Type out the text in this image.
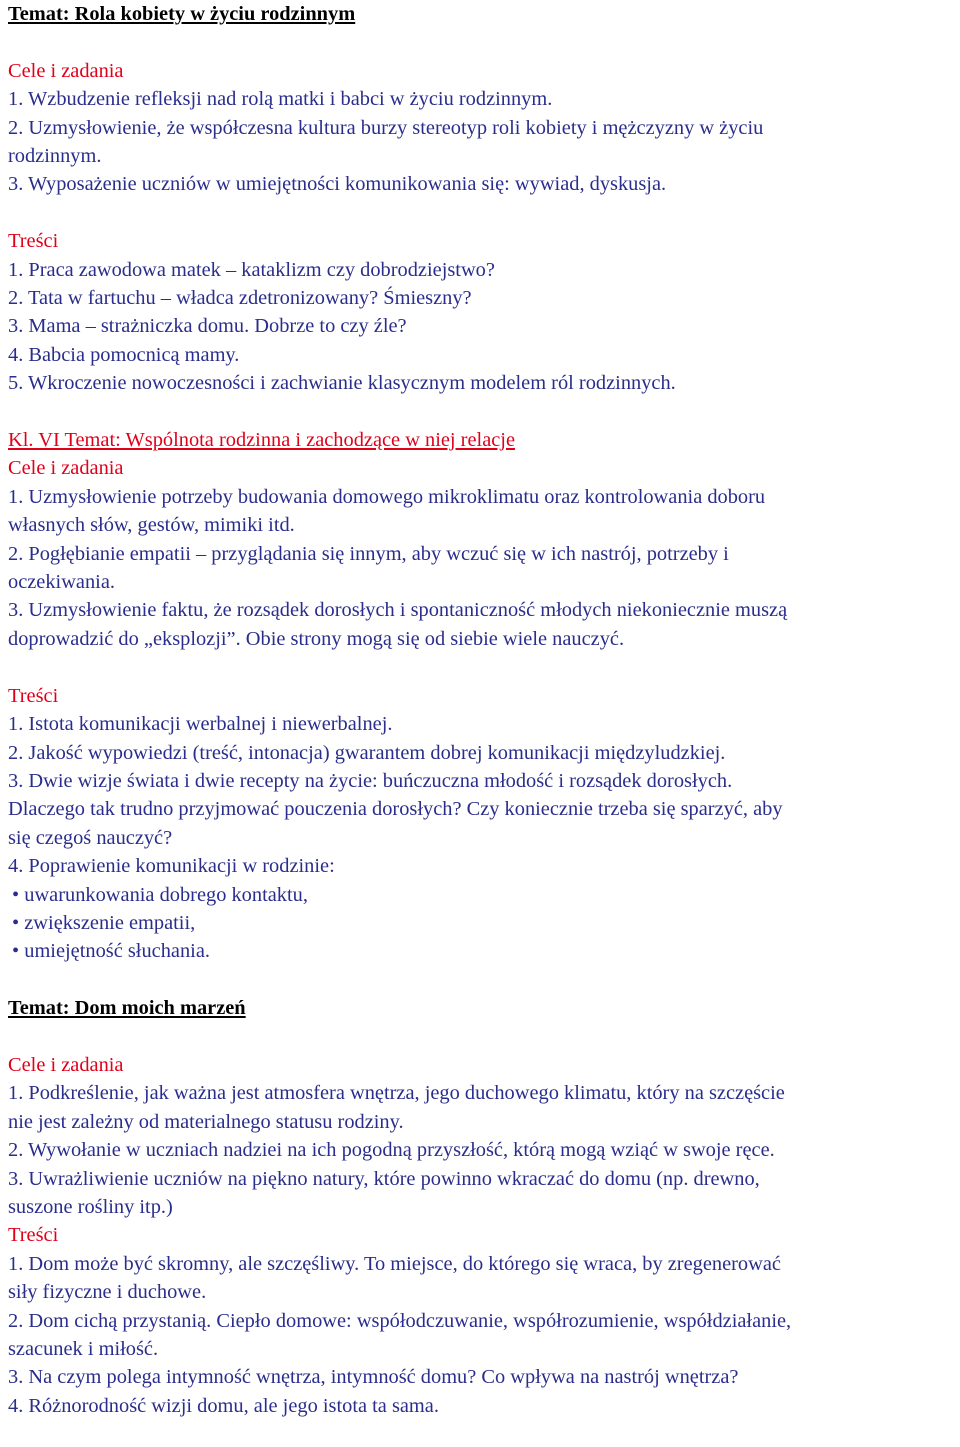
Temat: Rola kobiety w życiu rodzinnym
Cele i zadania
1. Wzbudzenie refleksji nad rolą matki i babci w życiu rodzinnym.
2. Uzmysłowienie, że współczesna kultura burzy stereotyp roli kobiety i mężczyzny w życiu
rodzinnym.
3. Wyposażenie uczniów w umiejętności komunikowania się: wywiad, dyskusja.
Treści
1. Praca zawodowa matek – kataklizm czy dobrodziejstwo?
2. Tata w fartuchu – władca zdetronizowany? Śmieszny?
3. Mama – strażniczka domu. Dobrze to czy źle?
4. Babcia pomocnicą mamy.
5. Wkroczenie nowoczesności i zachwianie klasycznym modelem ról rodzinnych.
Kl. VI Temat: Wspólnota rodzinna i zachodzące w niej relacje
Cele i zadania
1. Uzmysłowienie potrzeby budowania domowego mikroklimatu oraz kontrolowania doboru
własnych słów, gestów, mimiki itd.
2. Pogłębianie empatii – przyglądania się innym, aby wczuć się w ich nastrój, potrzeby i
oczekiwania.
3. Uzmysłowienie faktu, że rozsądek dorosłych i spontaniczność młodych niekoniecznie muszą
doprowadzić do „eksplozji”. Obie strony mogą się od siebie wiele nauczyć.
Treści
1. Istota komunikacji werbalnej i niewerbalnej.
2. Jakość wypowiedzi (treść, intonacja) gwarantem dobrej komunikacji międzyludzkiej.
3. Dwie wizje świata i dwie recepty na życie: buńczuczna młodość i rozsądek dorosłych.
Dlaczego tak trudno przyjmować pouczenia dorosłych? Czy koniecznie trzeba się sparzyć, aby
się czegoś nauczyć?
4. Poprawienie komunikacji w rodzinie:
• uwarunkowania dobrego kontaktu,
• zwiększenie empatii,
• umiejętność słuchania.
Temat: Dom moich marzeń
Cele i zadania
1. Podkreślenie, jak ważna jest atmosfera wnętrza, jego duchowego klimatu, który na szczęście
nie jest zależny od materialnego statusu rodziny.
2. Wywołanie w uczniach nadziei na ich pogodną przyszłość, którą mogą wziąć w swoje ręce.
3. Uwrażliwienie uczniów na piękno natury, które powinno wkraczać do domu (np. drewno,
suszone rośliny itp.)
Treści
1. Dom może być skromny, ale szczęśliwy. To miejsce, do którego się wraca, by zregenerować
siły fizyczne i duchowe.
2. Dom cichą przystanią. Ciepło domowe: współodczuwanie, współrozumienie, współdziałanie,
szacunek i miłość.
3. Na czym polega intymność wnętrza, intymność domu? Co wpływa na nastrój wnętrza?
4. Różnorodność wizji domu, ale jego istota ta sama.
